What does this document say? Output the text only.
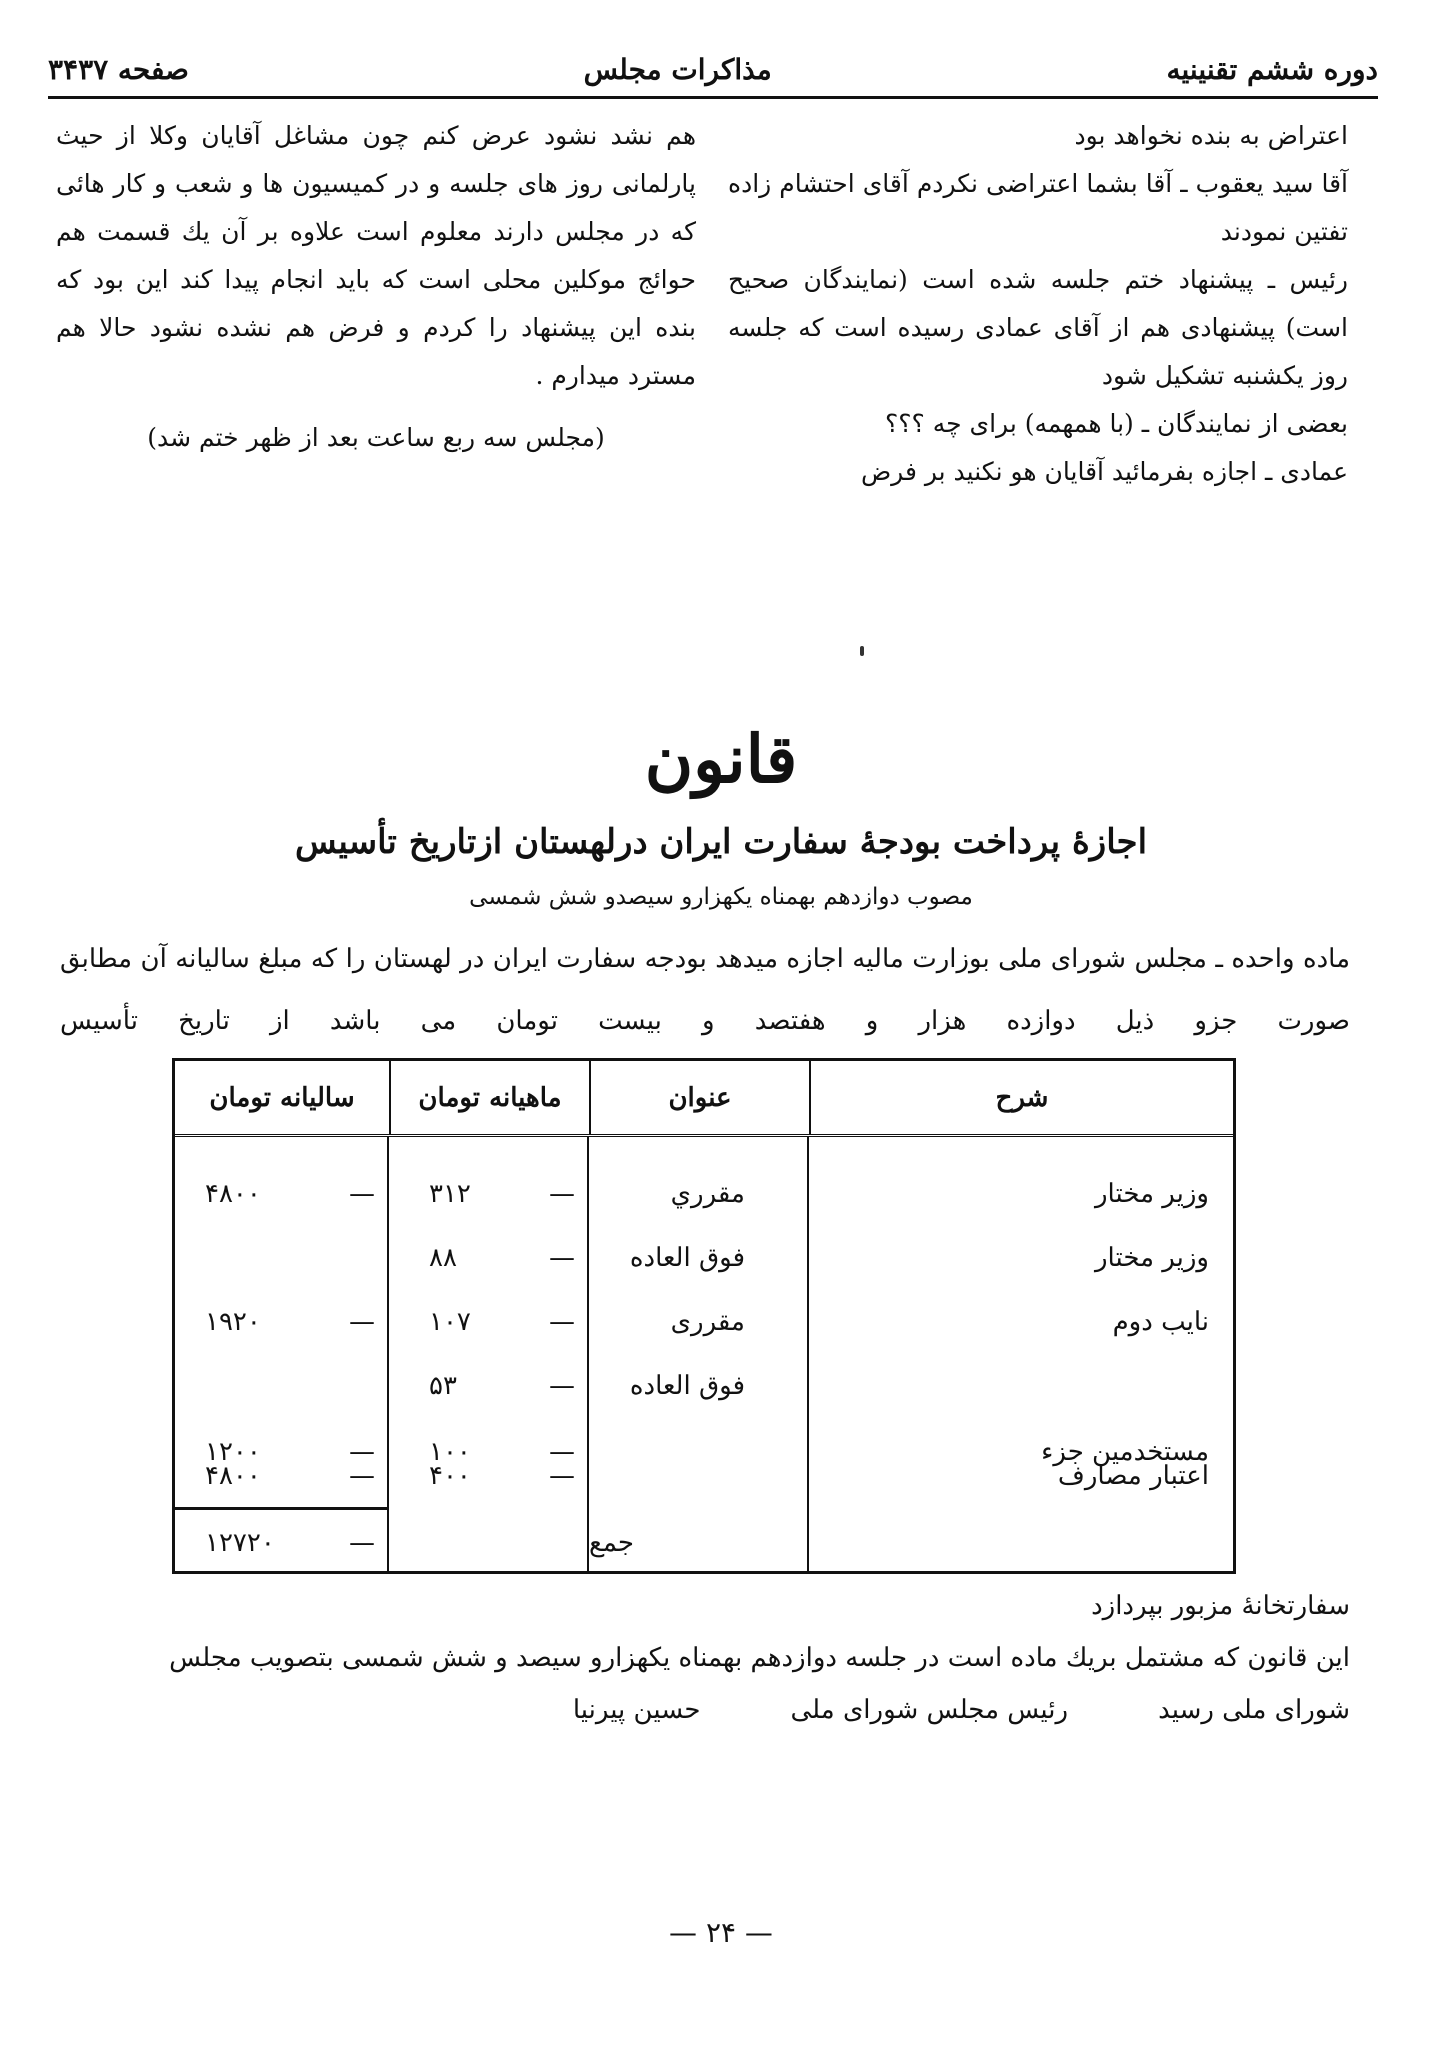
دوره ششم تقنینیه
مذاکرات مجلس
صفحه ۳۴۳۷

اعتراض به بنده نخواهد بود

آقا سید یعقوب ـ آقا بشما اعتراضی نکردم آقای احتشام زاده تفتین نمودند

رئیس ـ پیشنهاد ختم جلسه شده است (نمایندگان صحیح است) پیشنهادی هم از آقای عمادی رسیده است که جلسه روز یکشنبه تشکیل شود

بعضی از نمایندگان ـ (با همهمه) برای چه ؟؟؟

عمادی ـ اجازه بفرمائید آقایان هو نکنید بر فرض

هم نشد نشود عرض کنم چون مشاغل آقایان وکلا از حیث پارلمانی روز های جلسه و در کمیسیون ها و شعب و کار هائی که در مجلس دارند معلوم است علاوه بر آن یك قسمت هم حوائج موکلین محلی است که باید انجام پیدا کند این بود که بنده این پیشنهاد را کردم و فرض هم نشده نشود حالا هم مسترد میدارم .

(مجلس سه ربع ساعت بعد از ظهر ختم شد)

قانون
اجازهٔ پرداخت بودجهٔ سفارت ایران درلهستان ازتاریخ تأسیس
مصوب دوازدهم بهمناه یکهزارو سیصدو شش شمسی
ماده واحده ـ مجلس شورای ملی بوزارت مالیه اجازه میدهد بودجه سفارت ایران در لهستان را که مبلغ سالیانه آن مطابق صورت جزو ذیل دوازده هزار و هفتصد و بیست تومان می باشد از تاریخ تأسیس
شرح
عنوان
ماهیانه تومان
سالیانه تومان
وزیر مختار
مقرري
—
۳۱۲
وزیر مختار
فوق العاده
—
۸۸
—
۴۸۰۰
نایب دوم
مقرری
—
۱۰۷
فوق العاده
—
۵۳
—
۱۹۲۰
مستخدمین جزء
—
۱۰۰
—
۱۲۰۰
اعتبار مصارف
—
۴۰۰
—
۴۸۰۰
جمع
—
۱۲۷۲۰

سفارتخانهٔ مزبور بپردازد

این قانون که مشتمل بریك ماده است در جلسه دوازدهم بهمناه یکهزارو سیصد و شش شمسی بتصویب مجلس

شورای ملی رسید
رئیس مجلس شورای ملی
حسین پیرنیا

— ۲۴ —
